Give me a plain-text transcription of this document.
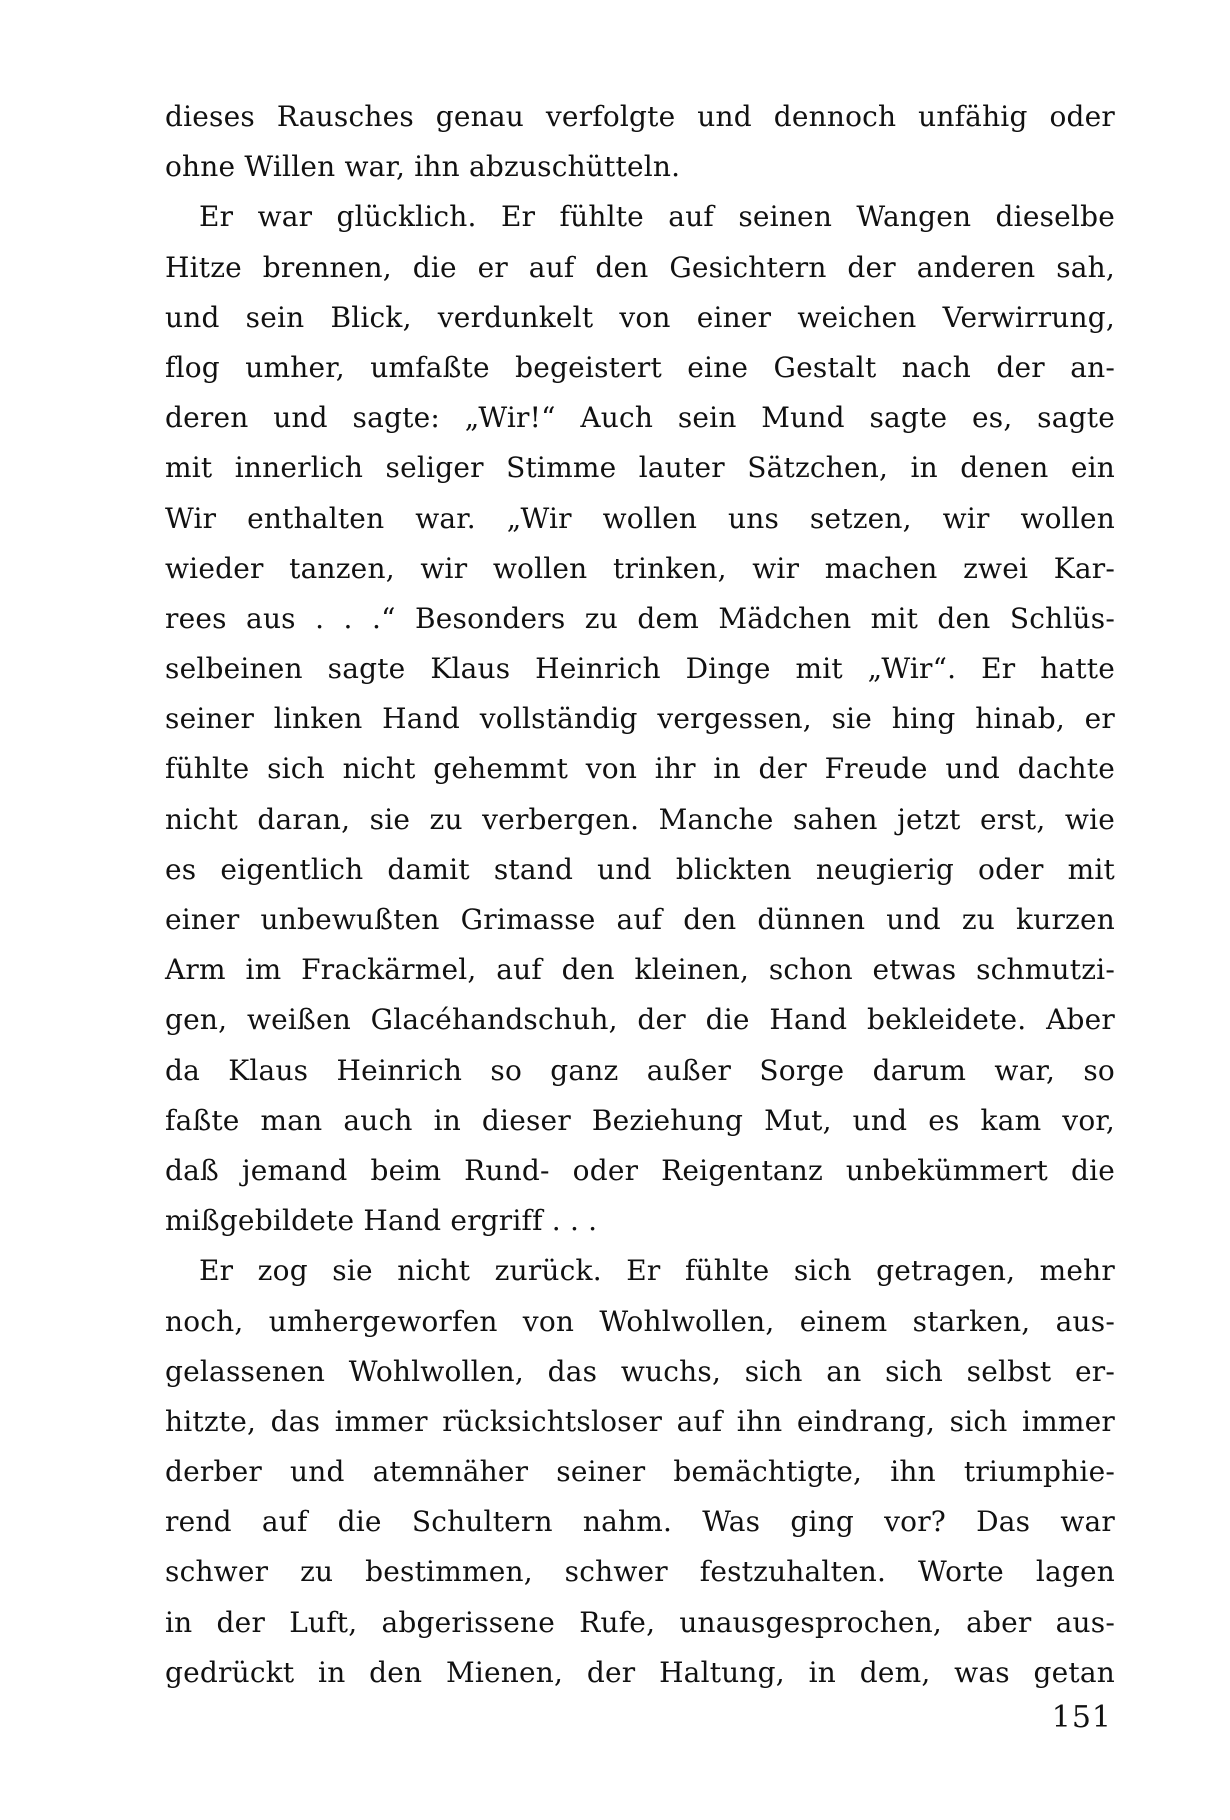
dieses Rausches genau verfolgte und dennoch unfähig oder
ohne Willen war, ihn abzuschütteln.
Er war glücklich. Er fühlte auf seinen Wangen dieselbe
Hitze brennen, die er auf den Gesichtern der anderen sah,
und sein Blick, verdunkelt von einer weichen Verwirrung,
flog umher, umfaßte begeistert eine Gestalt nach der an-
deren und sagte: „Wir!“ Auch sein Mund sagte es, sagte
mit innerlich seliger Stimme lauter Sätzchen, in denen ein
Wir enthalten war. „Wir wollen uns setzen, wir wollen
wieder tanzen, wir wollen trinken, wir machen zwei Kar-
rees aus . . .“ Besonders zu dem Mädchen mit den Schlüs-
selbeinen sagte Klaus Heinrich Dinge mit „Wir“. Er hatte
seiner linken Hand vollständig vergessen, sie hing hinab, er
fühlte sich nicht gehemmt von ihr in der Freude und dachte
nicht daran, sie zu verbergen. Manche sahen jetzt erst, wie
es eigentlich damit stand und blickten neugierig oder mit
einer unbewußten Grimasse auf den dünnen und zu kurzen
Arm im Frackärmel, auf den kleinen, schon etwas schmutzi-
gen, weißen Glacéhandschuh, der die Hand bekleidete. Aber
da Klaus Heinrich so ganz außer Sorge darum war, so
faßte man auch in dieser Beziehung Mut, und es kam vor,
daß jemand beim Rund- oder Reigentanz unbekümmert die
mißgebildete Hand ergriff . . .
Er zog sie nicht zurück. Er fühlte sich getragen, mehr
noch, umhergeworfen von Wohlwollen, einem starken, aus-
gelassenen Wohlwollen, das wuchs, sich an sich selbst er-
hitzte, das immer rücksichtsloser auf ihn eindrang, sich immer
derber und atemnäher seiner bemächtigte, ihn triumphie-
rend auf die Schultern nahm. Was ging vor? Das war
schwer zu bestimmen, schwer festzuhalten. Worte lagen
in der Luft, abgerissene Rufe, unausgesprochen, aber aus-
gedrückt in den Mienen, der Haltung, in dem, was getan
151
